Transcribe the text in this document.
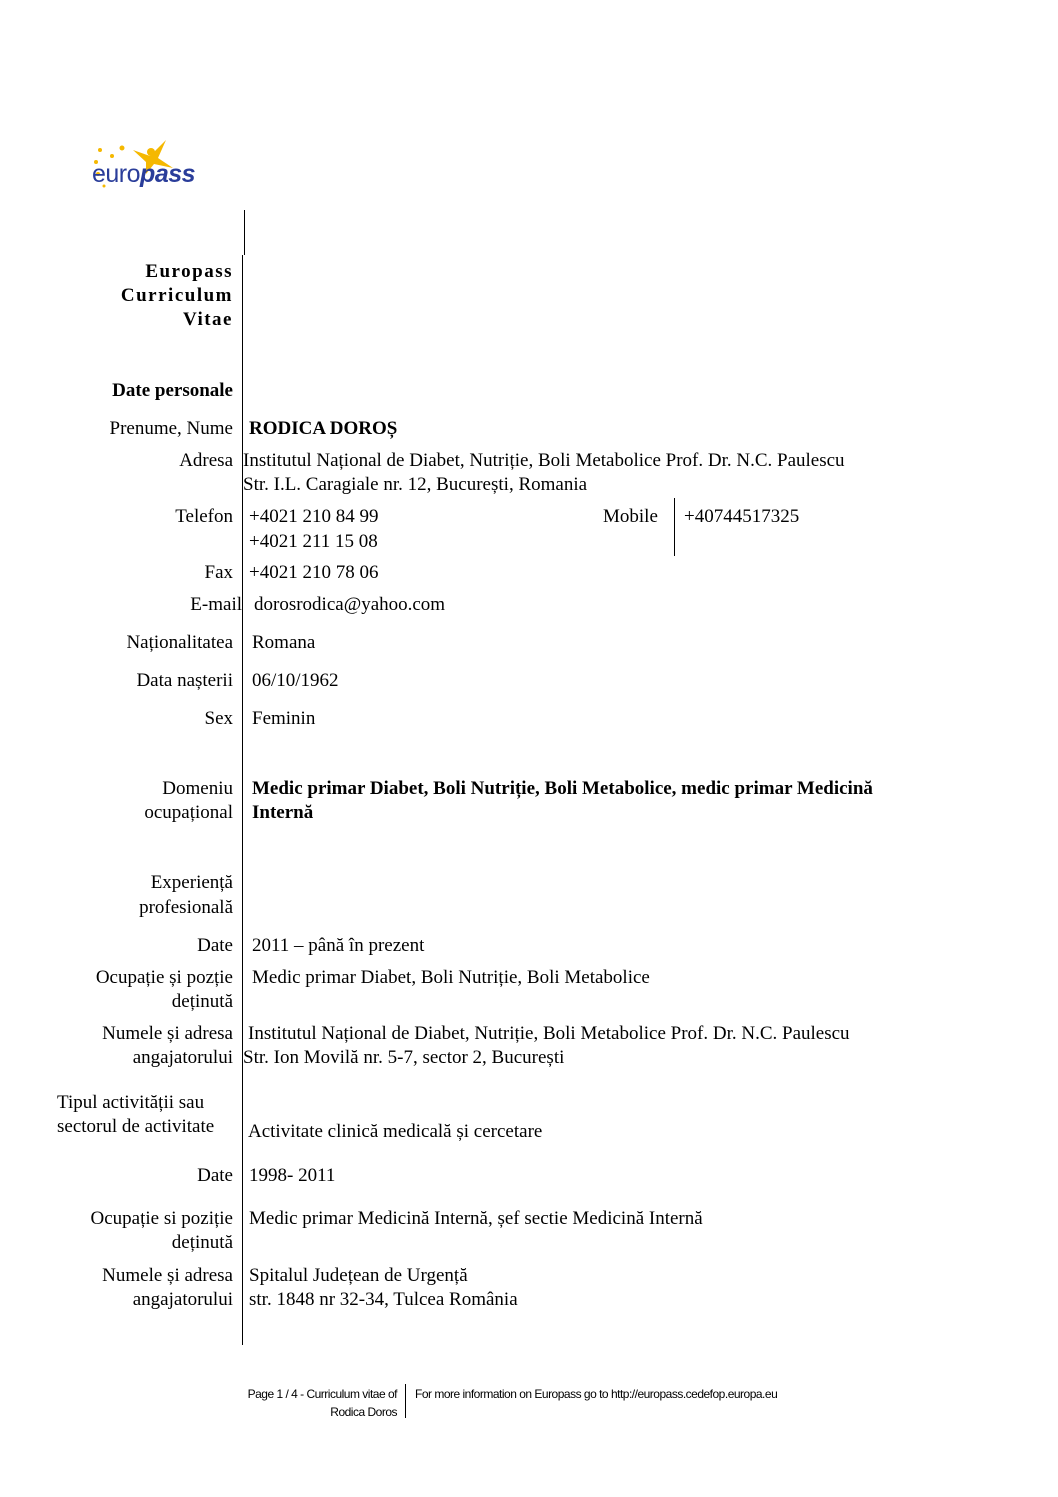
europass
Europass
Curriculum
Vitae
Date personale
Prenume, Nume RODICA DOROȘ
Adresa Institutul Național de Diabet, Nutriție, Boli Metabolice Prof. Dr. N.C. Paulescu
Str. I.L. Caragiale nr. 12, București, Romania
Telefon +4021 210 84 99
+4021 211 15 08
Mobile +40744517325
Fax +4021 210 78 06
E-mail dorosrodica@yahoo.com
Naționalitatea Romana
Data nașterii 06/10/1962
Sex Feminin
Domeniu
ocupațional
Medic primar Diabet, Boli Nutriție, Boli Metabolice, medic primar Medicină
Internă
Experiență
profesională
Date 2011 – până în prezent
Ocupație și pozție
deținută
Medic primar Diabet, Boli Nutriție, Boli Metabolice
Numele și adresa
angajatorului
Institutul Național de Diabet, Nutriție, Boli Metabolice Prof. Dr. N.C. Paulescu
Str. Ion Movilă nr. 5-7, sector 2, București
Tipul activității sau
sectorul de activitate Activitate clinică medicală și cercetare
Date 1998- 2011
Ocupație si poziție
deținută
Medic primar Medicină Internă, șef sectie Medicină Internă
Numele și adresa
angajatorului
Spitalul Județean de Urgență
str. 1848 nr 32-34, Tulcea România
Page 1 / 4 - Curriculum vitae of
Rodica Doros
For more information on Europass go to http://europass.cedefop.europa.eu
